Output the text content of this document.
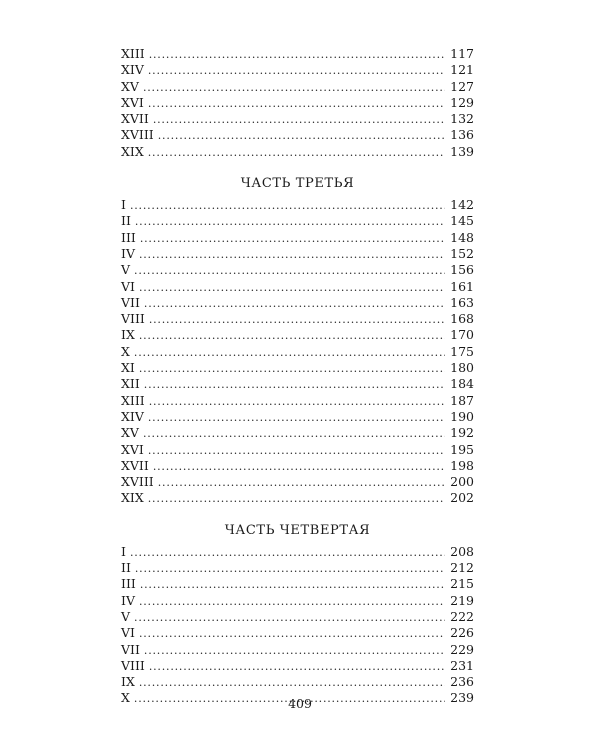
XIII .....	117
XIV .....	121
XV .....	127
XVI .....	129
XVII .....	132
XVIII .....	136
XIX .....	139
ЧАСТЬ ТРЕТЬЯ
I .....	142
II .....	145
III .....	148
IV .....	152
V .....	156
VI .....	161
VII .....	163
VIII .....	168
IX .....	170
X .....	175
XI .....	180
XII .....	184
XIII .....	187
XIV .....	190
XV .....	192
XVI .....	195
XVII .....	198
XVIII .....	200
XIX .....	202
ЧАСТЬ ЧЕТВЕРТАЯ
I .....	208
II .....	212
III .....	215
IV .....	219
V .....	222
VI .....	226
VII .....	229
VIII .....	231
IX .....	236
X .....	239
409
